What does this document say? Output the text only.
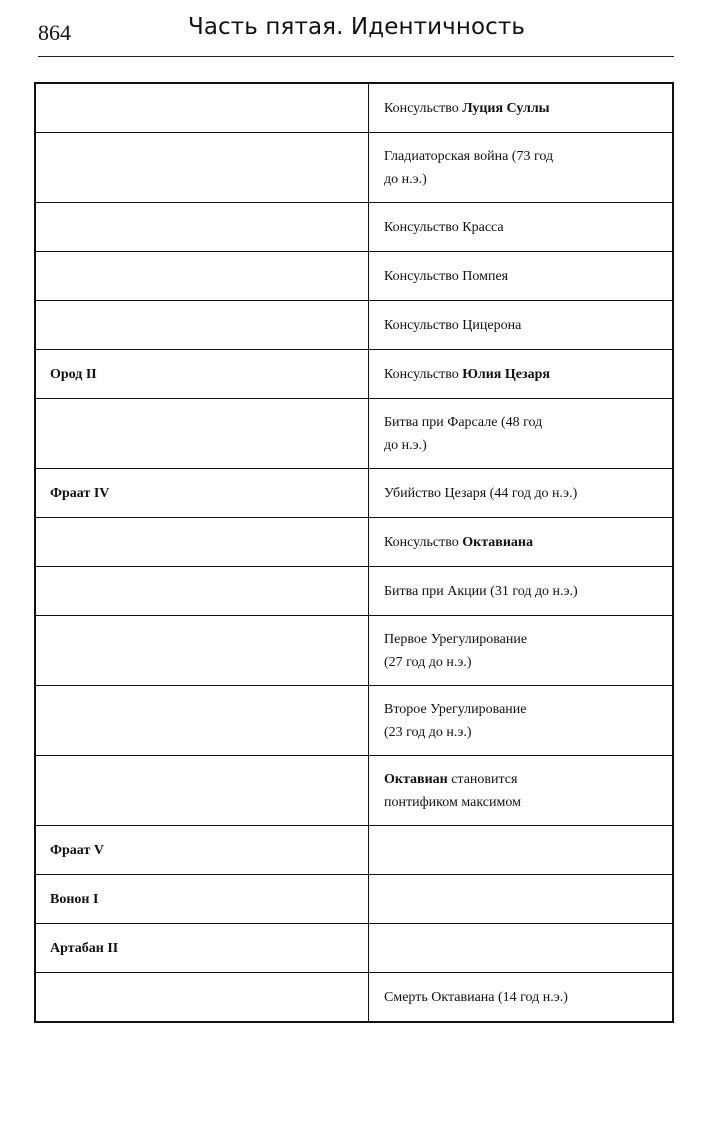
864	Часть пятая. Идентичность

	Консульство Луция Суллы

	Гладиаторская война (73 год
до н.э.)

	Консульство Красса

	Консульство Помпея

	Консульство Цицерона

Ород II	Консульство Юлия Цезаря

	Битва при Фарсале (48 год
до н.э.)

Фраат IV	Убийство Цезаря (44 год до н.э.)

	Консульство Октавиана

	Битва при Акции (31 год до н.э.)

	Первое Урегулирование
(27 год до н.э.)

	Второе Урегулирование
(23 год до н.э.)

	Октавиан становится
понтификом максимом

Фраат V	

Вонон I	

Артабан II	

	Смерть Октавиана (14 год н.э.)
